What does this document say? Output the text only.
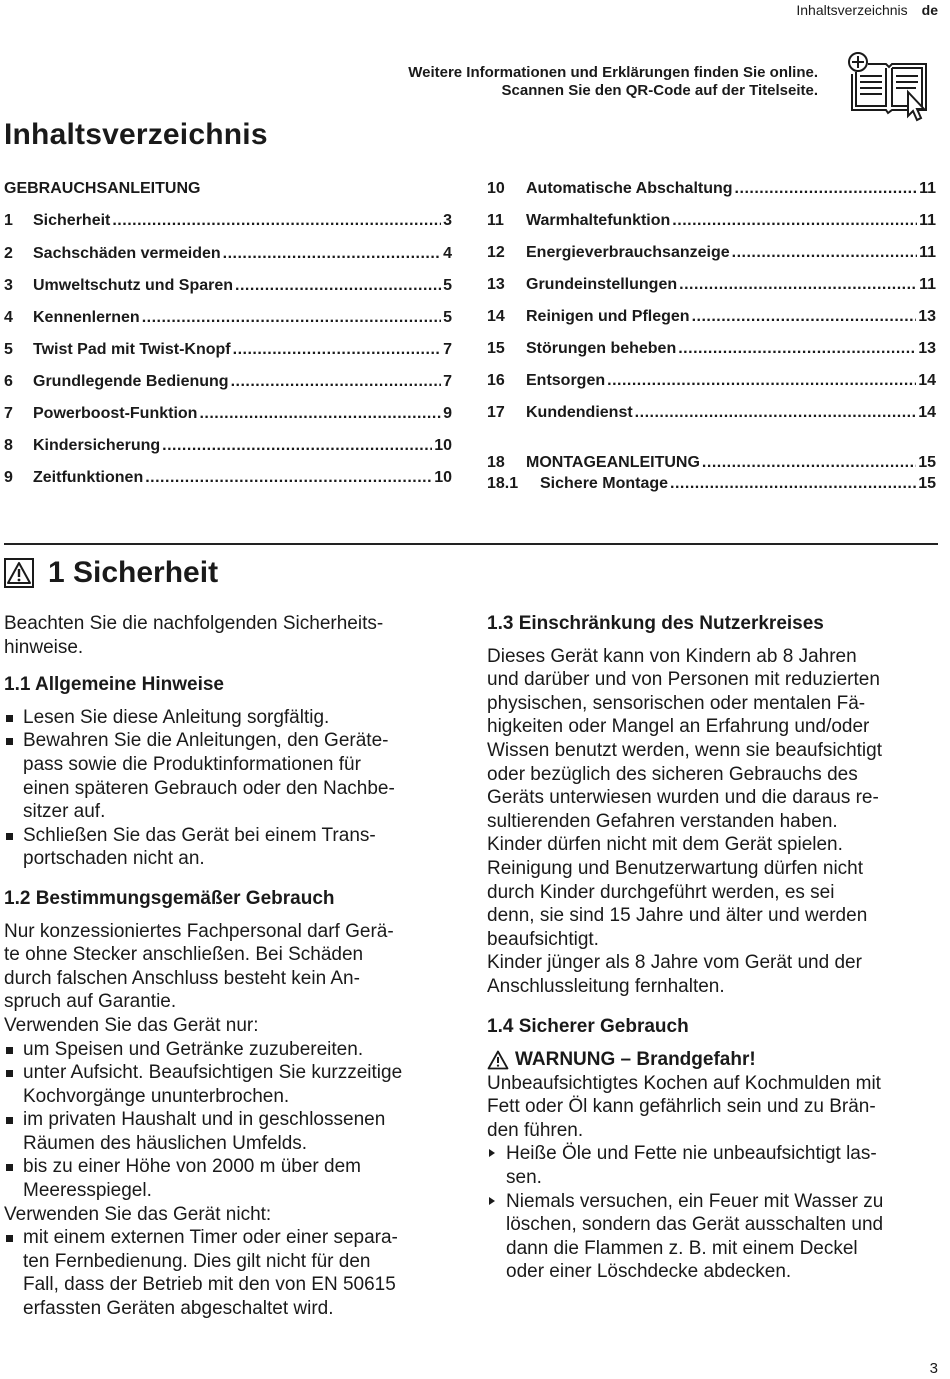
Inhaltsverzeichnis de
Weitere Informationen und Erklärungen finden Sie online.
Scannen Sie den QR-Code auf der Titelseite.
Inhaltsverzeichnis
GEBRAUCHSANLEITUNG
1	Sicherheit .....	3
2	Sachschäden vermeiden .....	4
3	Umweltschutz und Sparen .....	5
4	Kennenlernen .....	5
5	Twist Pad mit Twist-Knopf .....	7
6	Grundlegende Bedienung .....	7
7	Powerboost-Funktion .....	9
8	Kindersicherung .....	10
9	Zeitfunktionen .....	10
10	Automatische Abschaltung .....	11
11	Warmhaltefunktion .....	11
12	Energieverbrauchsanzeige .....	11
13	Grundeinstellungen .....	11
14	Reinigen und Pflegen .....	13
15	Störungen beheben .....	13
16	Entsorgen .....	14
17	Kundendienst .....	14
18	MONTAGEANLEITUNG .....	15
18.1	Sichere Montage .....	15
1 Sicherheit

Beachten Sie die nachfolgenden Sicherheits-
hinweise.

1.1 Allgemeine Hinweise
Lesen Sie diese Anleitung sorgfältig.
Bewahren Sie die Anleitungen, den Geräte-
pass sowie die Produktinformationen für
einen späteren Gebrauch oder den Nachbe-
sitzer auf.
Schließen Sie das Gerät bei einem Trans-
portschaden nicht an.
1.2 Bestimmungsgemäßer Gebrauch

Nur konzessioniertes Fachpersonal darf Gerä-
te ohne Stecker anschließen. Bei Schäden
durch falschen Anschluss besteht kein An-
spruch auf Garantie.

Verwenden Sie das Gerät nur:

um Speisen und Getränke zuzubereiten.
unter Aufsicht. Beaufsichtigen Sie kurzzeitige
Kochvorgänge ununterbrochen.
im privaten Haushalt und in geschlossenen
Räumen des häuslichen Umfelds.
bis zu einer Höhe von 2000 m über dem
Meeresspiegel.

Verwenden Sie das Gerät nicht:

mit einem externen Timer oder einer separa-
ten Fernbedienung. Dies gilt nicht für den
Fall, dass der Betrieb mit den von EN 50615
erfassten Geräten abgeschaltet wird.
1.3 Einschränkung des Nutzerkreises

Dieses Gerät kann von Kindern ab 8 Jahren
und darüber und von Personen mit reduzierten
physischen, sensorischen oder mentalen Fä-
higkeiten oder Mangel an Erfahrung und/oder
Wissen benutzt werden, wenn sie beaufsichtigt
oder bezüglich des sicheren Gebrauchs des
Geräts unterwiesen wurden und die daraus re-
sultierenden Gefahren verstanden haben.

Kinder dürfen nicht mit dem Gerät spielen.

Reinigung und Benutzerwartung dürfen nicht
durch Kinder durchgeführt werden, es sei
denn, sie sind 15 Jahre und älter und werden
beaufsichtigt.

Kinder jünger als 8 Jahre vom Gerät und der
Anschlussleitung fernhalten.

1.4 Sicherer Gebrauch
WARNUNG – Brandgefahr!

Unbeaufsichtigtes Kochen auf Kochmulden mit
Fett oder Öl kann gefährlich sein und zu Brän-
den führen.

Heiße Öle und Fette nie unbeaufsichtigt las-
sen.
Niemals versuchen, ein Feuer mit Wasser zu
löschen, sondern das Gerät ausschalten und
dann die Flammen z. B. mit einem Deckel
oder einer Löschdecke abdecken.
3
